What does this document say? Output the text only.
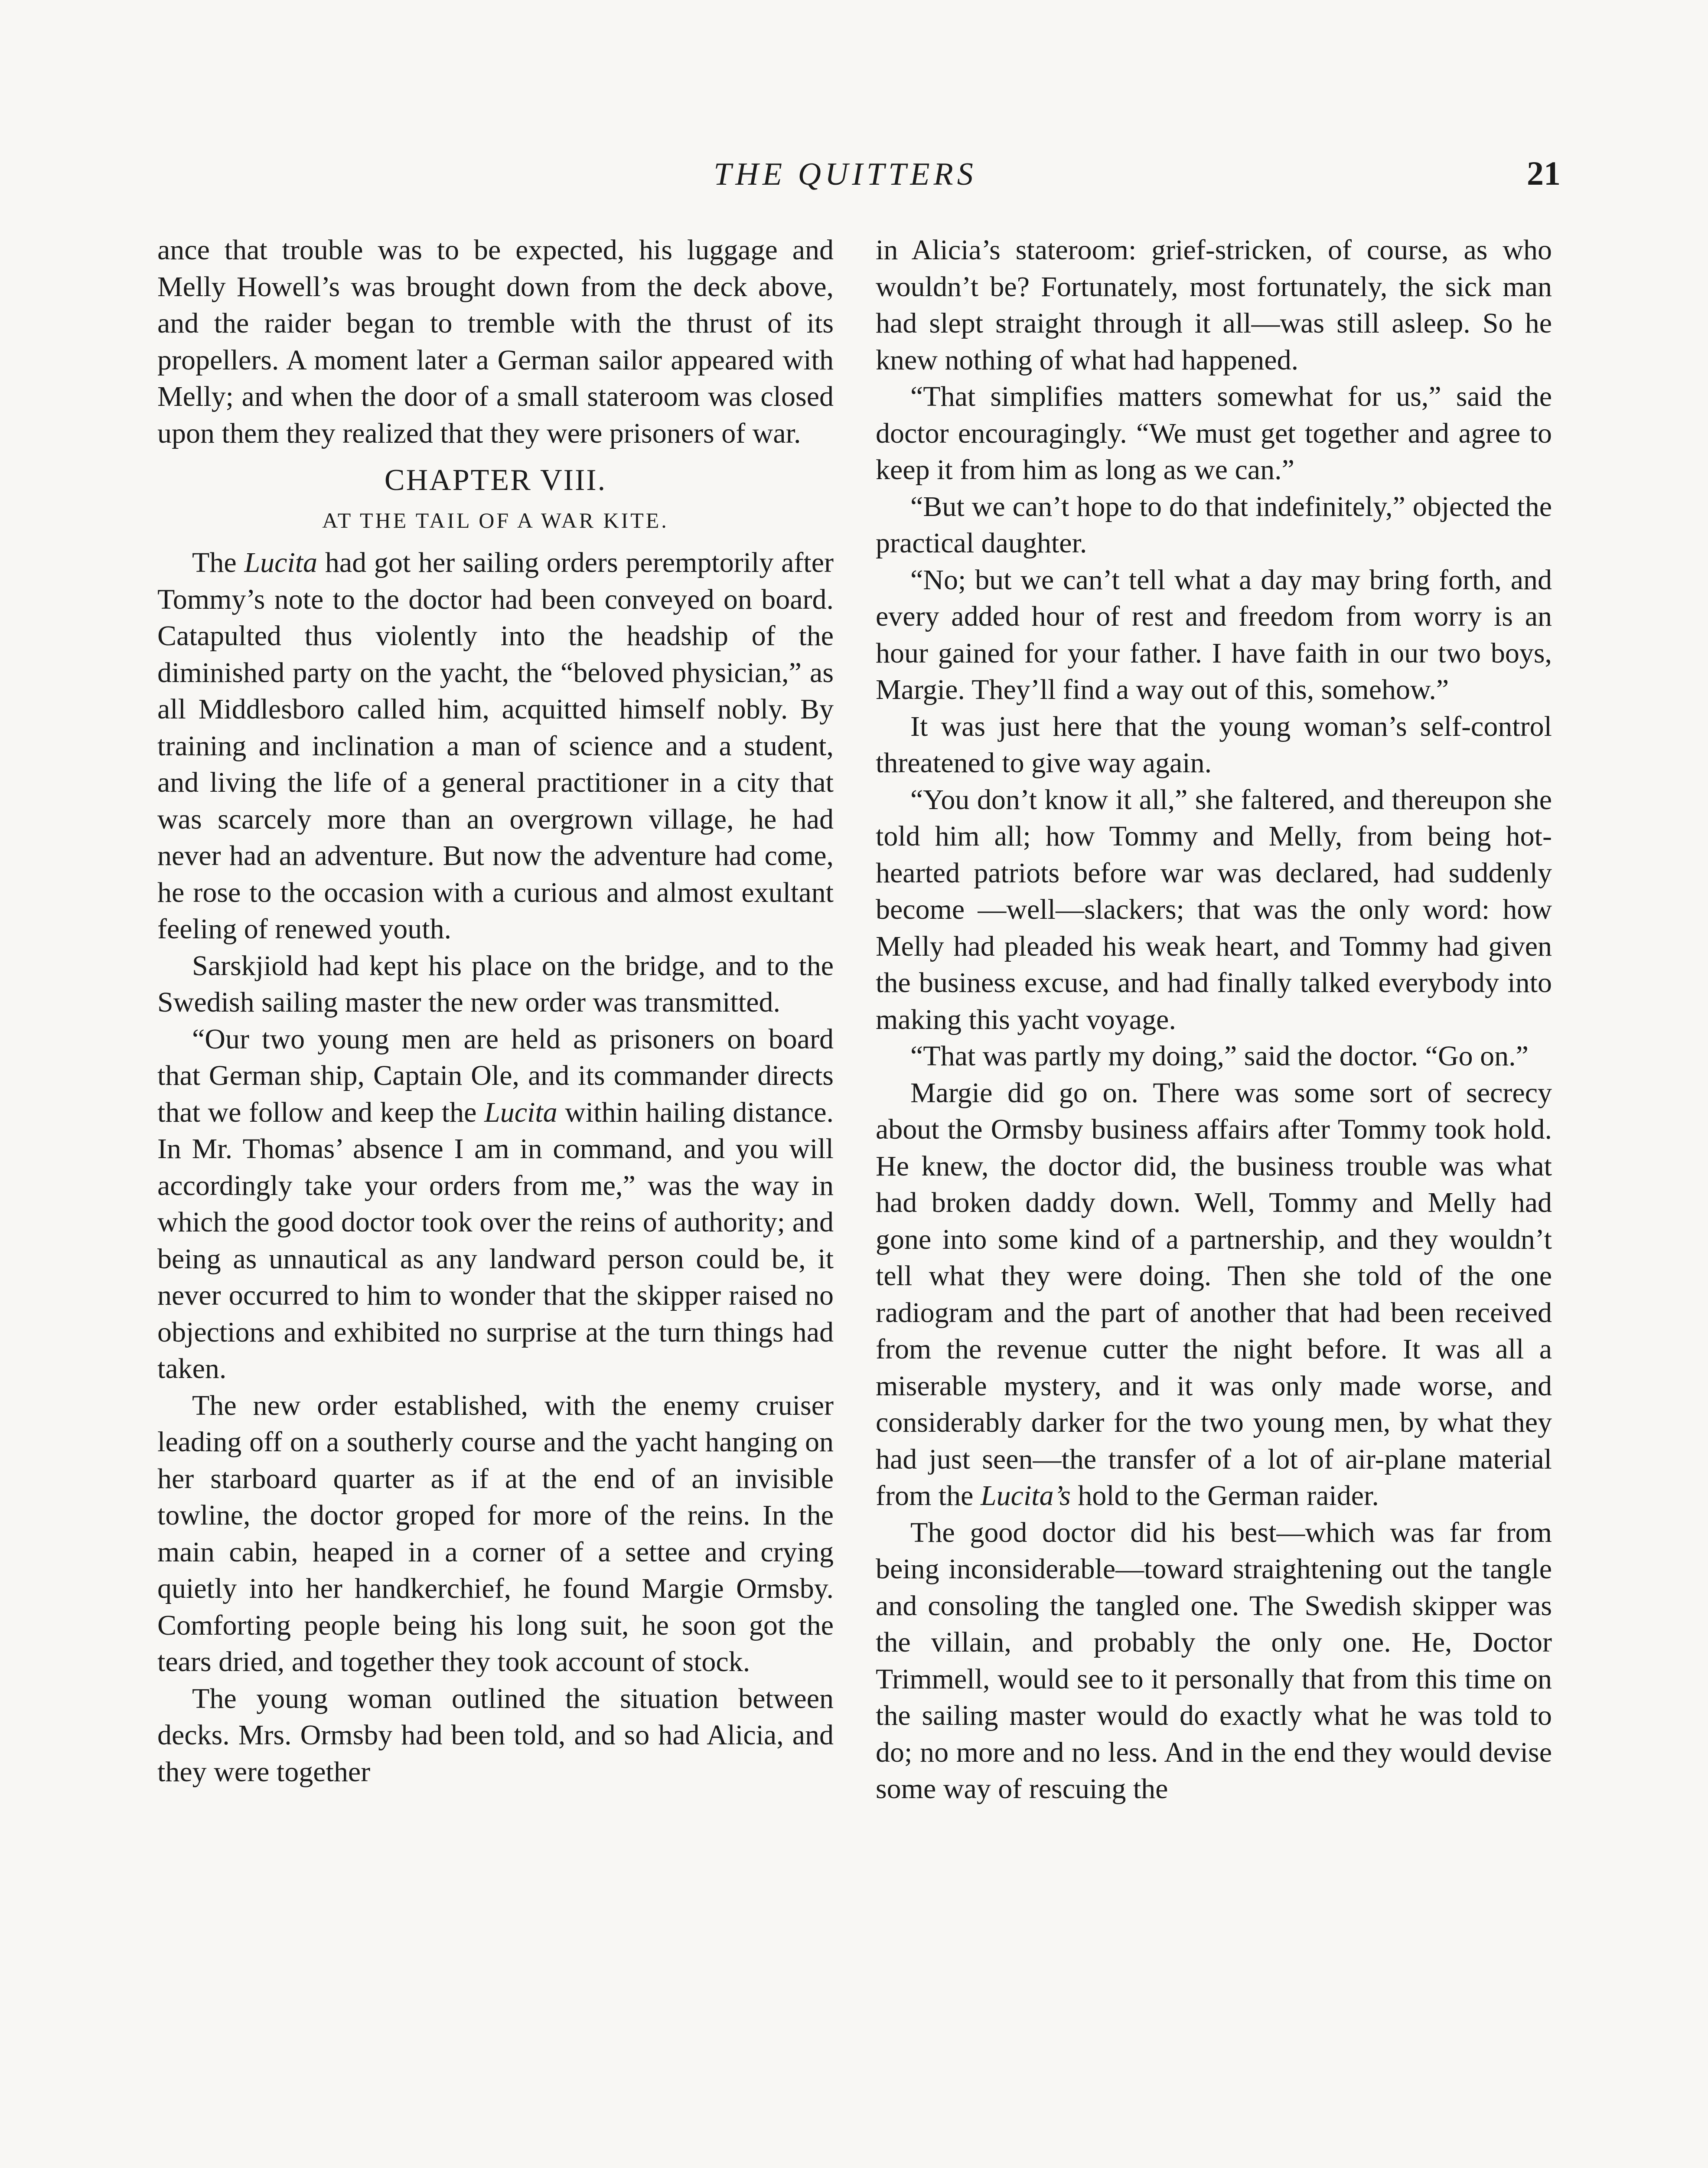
THE QUITTERS	21

ance that trouble was to be expected, his luggage and Melly Howell’s was brought down from the deck above, and the raider began to tremble with the thrust of its propellers. A moment later a German sailor appeared with Melly; and when the door of a small stateroom was closed upon them they realized that they were prisoners of war.

CHAPTER VIII.
AT THE TAIL OF A WAR KITE.

The Lucita had got her sailing orders peremptorily after Tommy’s note to the doctor had been conveyed on board. Catapulted thus violently into the headship of the diminished party on the yacht, the “beloved physician,” as all Middlesboro called him, acquitted himself nobly. By training and inclination a man of science and a student, and living the life of a general practitioner in a city that was scarcely more than an overgrown village, he had never had an adventure. But now the adventure had come, he rose to the occasion with a curious and almost exultant feeling of renewed youth.

Sarskjiold had kept his place on the bridge, and to the Swedish sailing master the new order was transmitted.

“Our two young men are held as prisoners on board that German ship, Captain Ole, and its commander directs that we follow and keep the Lucita within hailing distance. In Mr. Thomas’ absence I am in command, and you will accordingly take your orders from me,” was the way in which the good doctor took over the reins of authority; and being as unnautical as any landward person could be, it never occurred to him to wonder that the skipper raised no objections and exhibited no surprise at the turn things had taken.

The new order established, with the enemy cruiser leading off on a southerly course and the yacht hanging on her starboard quarter as if at the end of an invisible towline, the doctor groped for more of the reins. In the main cabin, heaped in a corner of a settee and crying quietly into her handkerchief, he found Margie Ormsby. Comforting people being his long suit, he soon got the tears dried, and together they took account of stock.

The young woman outlined the situation between decks. Mrs. Ormsby had been told, and so had Alicia, and they were together

in Alicia’s stateroom: grief-stricken, of course, as who wouldn’t be? Fortunately, most fortunately, the sick man had slept straight through it all—was still asleep. So he knew nothing of what had happened.

“That simplifies matters somewhat for us,” said the doctor encouragingly. “We must get together and agree to keep it from him as long as we can.”

“But we can’t hope to do that indefinitely,” objected the practical daughter.

“No; but we can’t tell what a day may bring forth, and every added hour of rest and freedom from worry is an hour gained for your father. I have faith in our two boys, Margie. They’ll find a way out of this, somehow.”

It was just here that the young woman’s self-control threatened to give way again.

“You don’t know it all,” she faltered, and thereupon she told him all; how Tommy and Melly, from being hot-hearted patriots before war was declared, had suddenly become —well—slackers; that was the only word: how Melly had pleaded his weak heart, and Tommy had given the business excuse, and had finally talked everybody into making this yacht voyage.

“That was partly my doing,” said the doctor. “Go on.”

Margie did go on. There was some sort of secrecy about the Ormsby business affairs after Tommy took hold. He knew, the doctor did, the business trouble was what had broken daddy down. Well, Tommy and Melly had gone into some kind of a partnership, and they wouldn’t tell what they were doing. Then she told of the one radiogram and the part of another that had been received from the revenue cutter the night before. It was all a miserable mystery, and it was only made worse, and considerably darker for the two young men, by what they had just seen—the transfer of a lot of air-plane material from the Lucita’s hold to the German raider.

The good doctor did his best—which was far from being inconsiderable—toward straightening out the tangle and consoling the tangled one. The Swedish skipper was the villain, and probably the only one. He, Doctor Trimmell, would see to it personally that from this time on the sailing master would do exactly what he was told to do; no more and no less. And in the end they would devise some way of rescuing the
